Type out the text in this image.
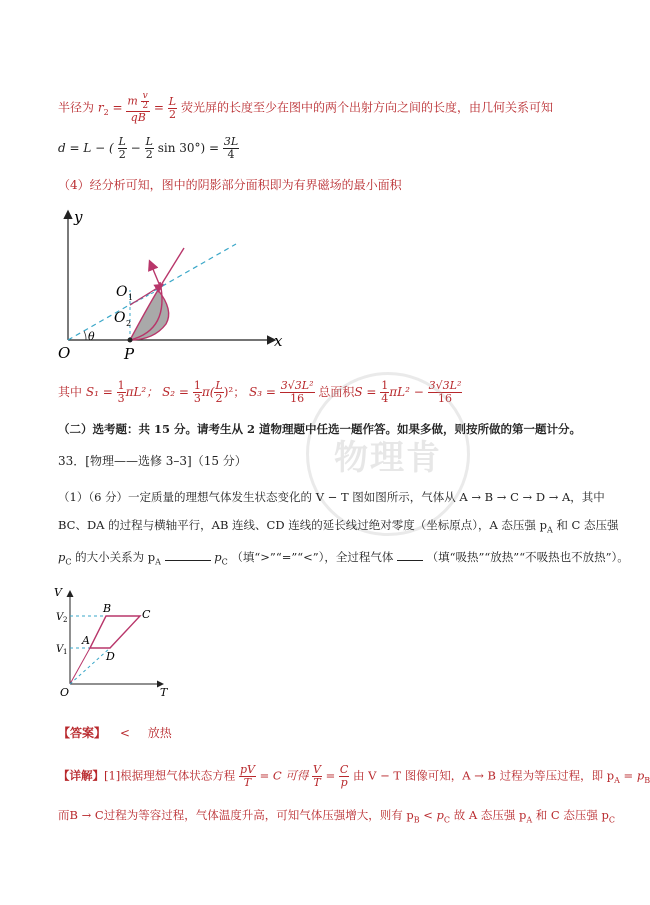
半径为 $r_2 = \frac{m \frac{v}{2}}{qB} = \frac{L}{2}$ 荧光屏的长度至少在图中的两个出射方向之间的长度，由几何关系可知
d = L − ( $\frac{L}{2} - \frac{L}{2}$ $\sin 30^\circ) = \frac{3L}{4}$
（4）经分析可知，图中的阴影部分面积即为有界磁场的最小面积
y
x
O	P
θ
O 1
O 2
其中 $S_1 = \frac{1}{3} \pi L^2$； $S_2 = \frac{1}{3} \pi( \frac{L}{2} )^2$； $S_3 = \frac{\text{3√3L²}}{16}$ 总面积$S = \frac{1}{4} \pi L^2 - \frac{\text{3√3L²}}{16}$
物理肯
（二）选考题：共 15 分。请考生从 2 道物理题中任选一题作答。如果多做，则按所做的第一题计分。
33．[物理——选修 3–3]（15 分）
（1）（6 分）一定质量的理想气体发生状态变化的 V − T 图如图所示，气体从 A → B → C → D → A，其中
BC、DA 的过程与横轴平行，AB 连线、CD 连线的延长线过绝对零度（坐标原点），A 态压强 $p_A$ 和 C 态压强
$p_C$ 的大小关系为 $p_A$	$p_C$ （填“>”“=”“<”），全过程气体	（填“吸热”“放热”“不吸热也不放热”）。
V
T
O
V 2
V 1
A
B	C
D
【答案】 < 放热
【详解】[1]根据理想气体状态方程 $\frac{pV}{T} = C$ 可得 $\frac{V}{T} = \frac{C}{p}$ 由 V − T 图像可知，A → B 过程为等压过程，即 $p_A = p_B$
而B → C过程为等容过程，气体温度升高，可知气体压强增大，则有 $p_B < p_C$ 故 A 态压强 $p_A$ 和 C 态压强 $p_C$
